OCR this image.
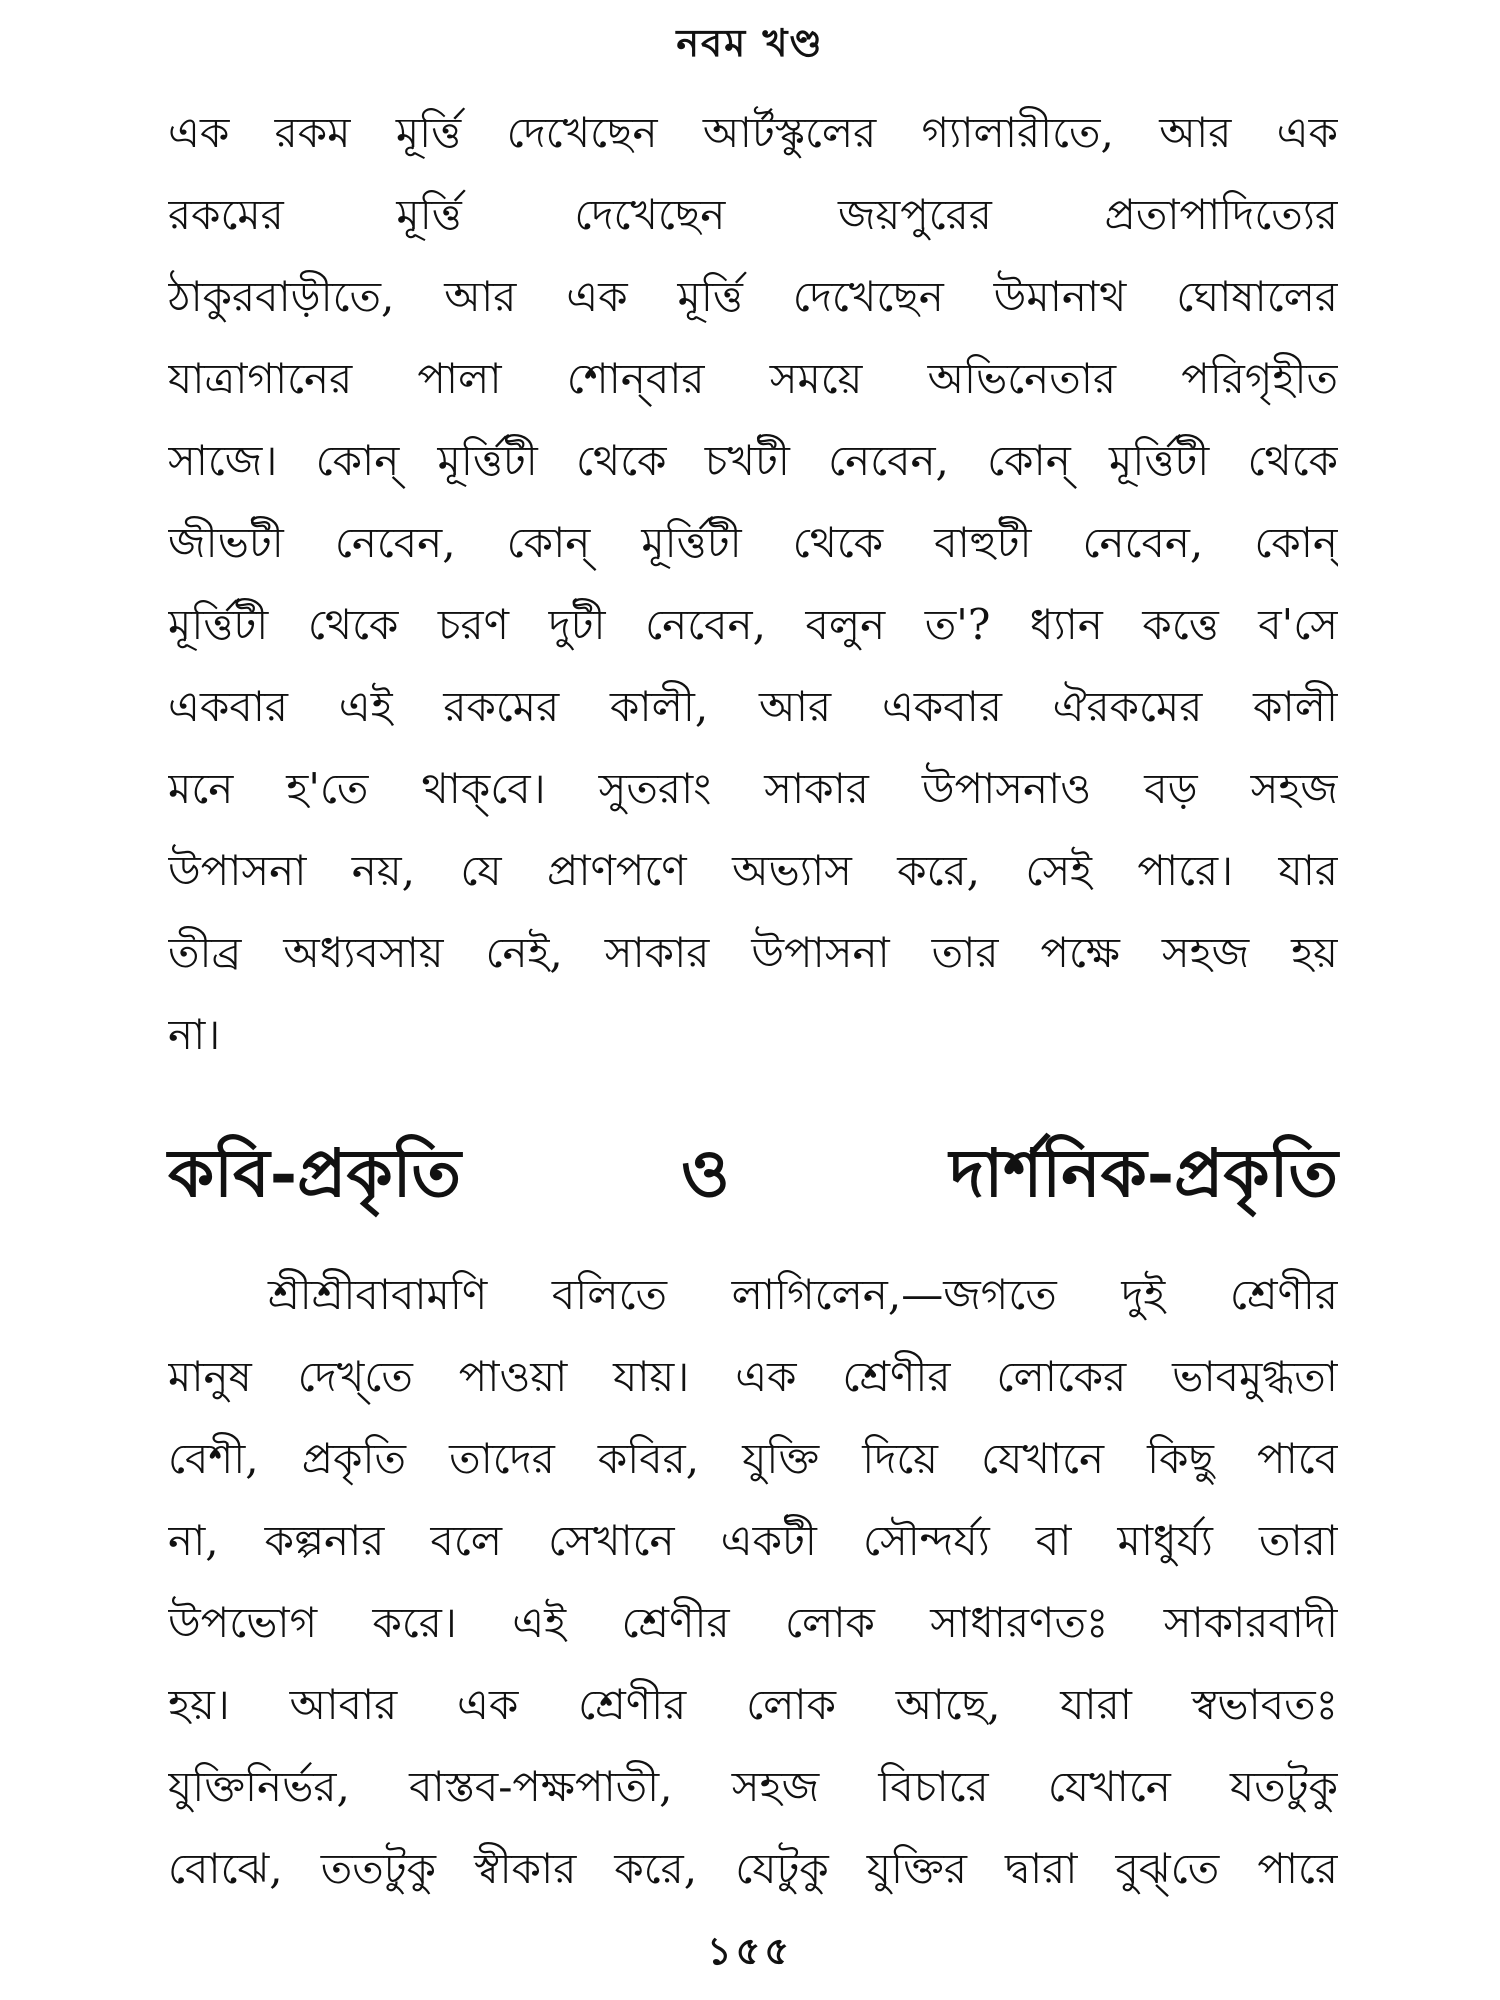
নবম খণ্ড
এক রকম মূর্ত্তি দেখেছেন আর্টস্কুলের গ্যালারীতে, আর এক
রকমের মূর্ত্তি দেখেছেন জয়পুরের প্রতাপাদিত্যের
ঠাকুরবাড়ীতে, আর এক মূর্ত্তি দেখেছেন উমানাথ ঘোষালের
যাত্রাগানের পালা শোন্‌বার সময়ে অভিনেতার পরিগৃহীত
সাজে। কোন্‌ মূর্ত্তিটী থেকে চখটী নেবেন, কোন্‌ মূর্ত্তিটী থেকে
জীভটী নেবেন, কোন্‌ মূর্ত্তিটী থেকে বাহুটী নেবেন, কোন্‌
মূর্ত্তিটী থেকে চরণ দুটী নেবেন, বলুন ত'? ধ্যান কত্তে ব'সে
একবার এই রকমের কালী, আর একবার ঐরকমের কালী
মনে হ'তে থাক্‌বে। সুতরাং সাকার উপাসনাও বড় সহজ
উপাসনা নয়, যে প্রাণপণে অভ্যাস করে, সেই পারে। যার
তীব্র অধ্যবসায় নেই, সাকার উপাসনা তার পক্ষে সহজ হয়
না।
কবি-প্রকৃতি ও দার্শনিক-প্রকৃতি
শ্রীশ্রীবাবামণি বলিতে লাগিলেন,—জগতে দুই শ্রেণীর
মানুষ দেখ্‌তে পাওয়া যায়। এক শ্রেণীর লোকের ভাবমুগ্ধতা
বেশী, প্রকৃতি তাদের কবির, যুক্তি দিয়ে যেখানে কিছু পাবে
না, কল্পনার বলে সেখানে একটী সৌন্দর্য্য বা মাধুর্য্য তারা
উপভোগ করে। এই শ্রেণীর লোক সাধারণতঃ সাকারবাদী
হয়। আবার এক শ্রেণীর লোক আছে, যারা স্বভাবতঃ
যুক্তিনির্ভর, বাস্তব-পক্ষপাতী, সহজ বিচারে যেখানে যতটুকু
বোঝে, ততটুকু স্বীকার করে, যেটুকু যুক্তির দ্বারা বুঝ্‌তে পারে
১৫৫
